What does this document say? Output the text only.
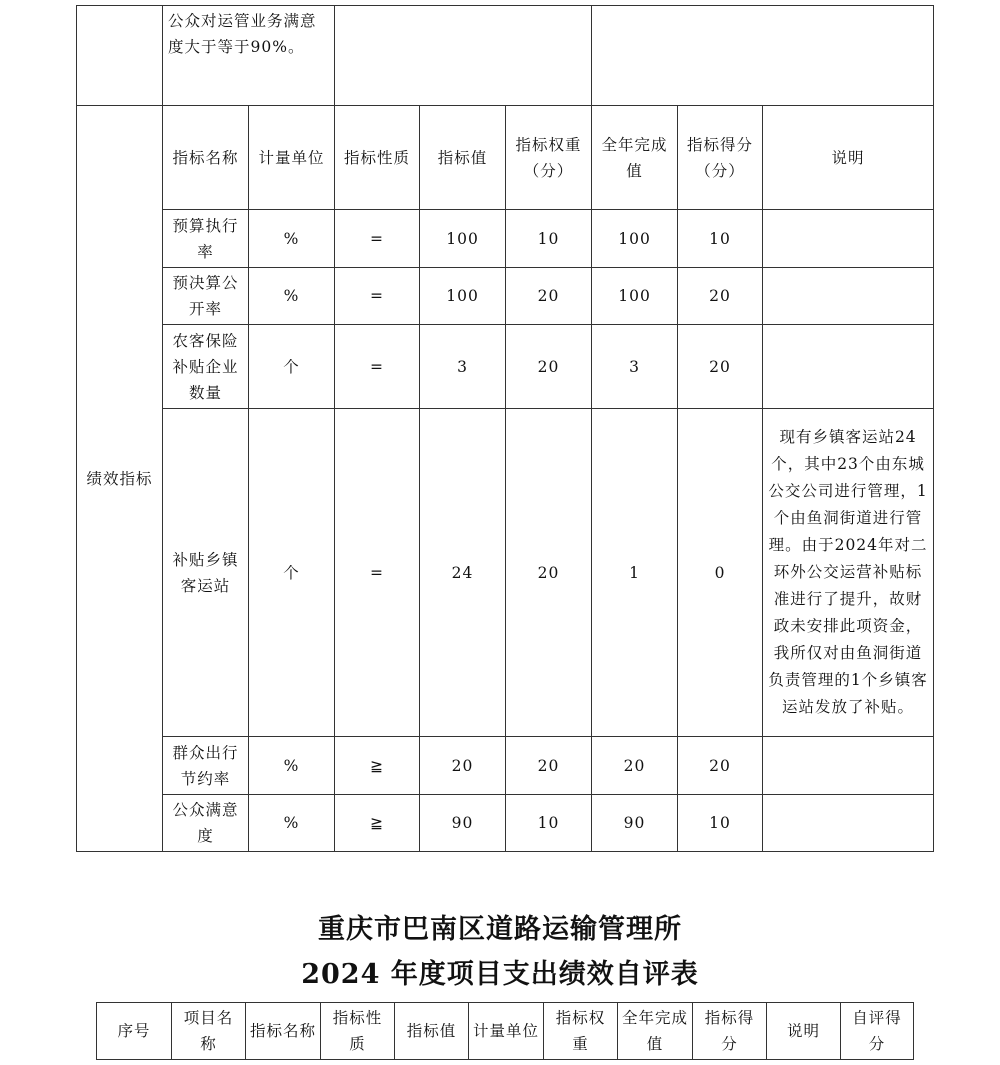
	公众对运管业务满意度大于等于90%。							
绩效指标	指标名称	计量单位	指标性质	指标值	指标权重（分）	全年完成值	指标得分（分）	说明
	预算执行率	%	=	100	10	100	10	
	预决算公开率	%	=	100	20	100	20	
	农客保险补贴企业数量	个	=	3	20	3	20	
	补贴乡镇客运站	个	=	24	20	1	0	现有乡镇客运站24个，其中23个由东城公交公司进行管理，1个由鱼洞街道进行管理。由于2024年对二环外公交运营补贴标准进行了提升，故财政未安排此项资金，我所仅对由鱼洞街道负责管理的1个乡镇客运站发放了补贴。
	群众出行节约率	%	≧	20	20	20	20	
	公众满意度	%	≧	90	10	90	10	
重庆市巴南区道路运输管理所
2024 年度项目支出绩效自评表
序号	项目名称	指标名称	指标性质	指标值	计量单位	指标权重	全年完成值	指标得分	说明	自评得分
